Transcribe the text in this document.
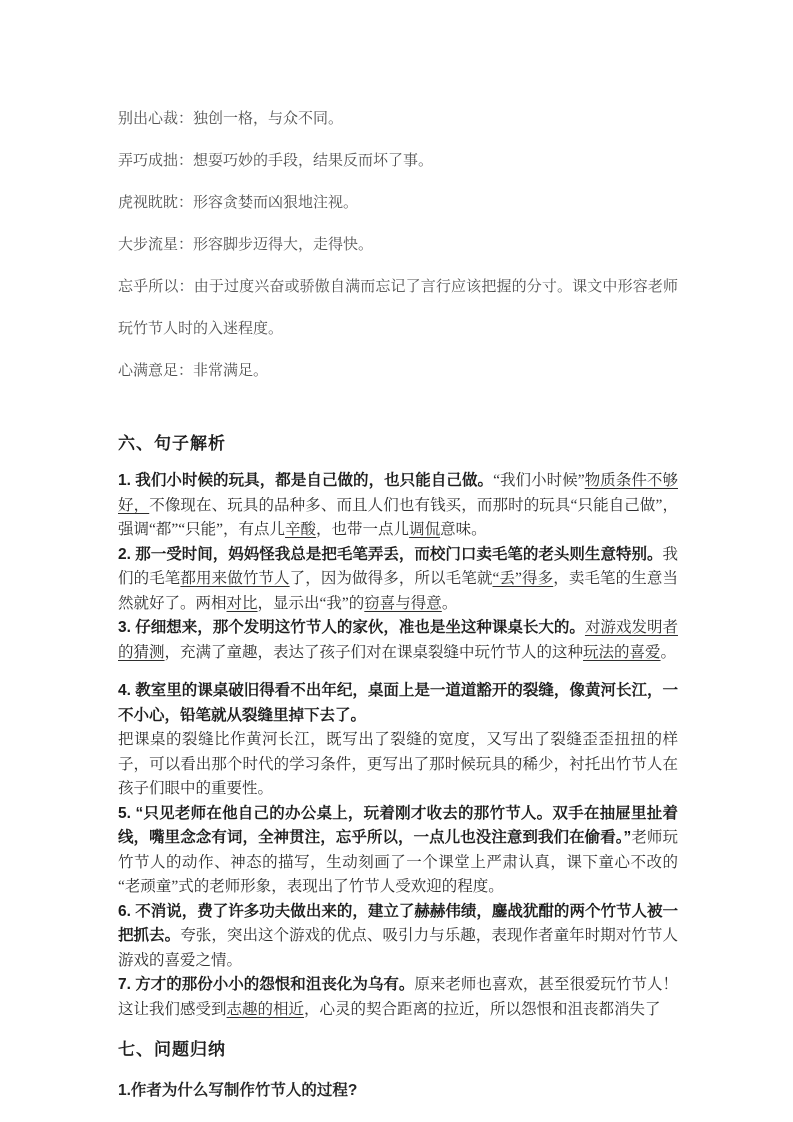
别出心裁：独创一格，与众不同。

弄巧成拙：想耍巧妙的手段，结果反而坏了事。

虎视眈眈：形容贪婪而凶狠地注视。

大步流星：形容脚步迈得大，走得快。

忘乎所以：由于过度兴奋或骄傲自满而忘记了言行应该把握的分寸。课文中形容老师玩竹节人时的入迷程度。

心满意足：非常满足。

六、句子解析

1. 我们小时候的玩具，都是自己做的，也只能自己做。“我们小时候”物质条件不够好，不像现在、玩具的品种多、而且人们也有钱买，而那时的玩具“只能自己做”，强调“都”“只能”，有点儿辛酸，也带一点儿调侃意味。

2. 那一受时间，妈妈怪我总是把毛笔弄丢，而校门口卖毛笔的老头则生意特别。我们的毛笔都用来做竹节人了，因为做得多，所以毛笔就“丢”得多，卖毛笔的生意当然就好了。两相对比，显示出“我”的窃喜与得意。

3. 仔细想来，那个发明这竹节人的家伙，准也是坐这种课桌长大的。对游戏发明者的猜测，充满了童趣，表达了孩子们对在课桌裂缝中玩竹节人的这种玩法的喜爱。

4. 教室里的课桌破旧得看不出年纪，桌面上是一道道豁开的裂缝，像黄河长江，一不小心，铅笔就从裂缝里掉下去了。
把课桌的裂缝比作黄河长江，既写出了裂缝的宽度，又写出了裂缝歪歪扭扭的样子，可以看出那个时代的学习条件，更写出了那时候玩具的稀少，衬托出竹节人在孩子们眼中的重要性。

5. “只见老师在他自己的办公桌上，玩着刚才收去的那竹节人。双手在抽屉里扯着线，嘴里念念有词，全神贯注，忘乎所以，一点儿也没注意到我们在偷看。”老师玩竹节人的动作、神态的描写，生动刻画了一个课堂上严肃认真，课下童心不改的“老顽童”式的老师形象，表现出了竹节人受欢迎的程度。

6. 不消说，费了许多功夫做出来的，建立了赫赫伟绩，鏖战犹酣的两个竹节人被一把抓去。夸张，突出这个游戏的优点、吸引力与乐趣，表现作者童年时期对竹节人游戏的喜爱之情。

7. 方才的那份小小的怨恨和沮丧化为乌有。原来老师也喜欢，甚至很爱玩竹节人！这让我们感受到志趣的相近，心灵的契合距离的拉近，所以怨恨和沮丧都消失了

七、问题归纳

1.作者为什么写制作竹节人的过程?
